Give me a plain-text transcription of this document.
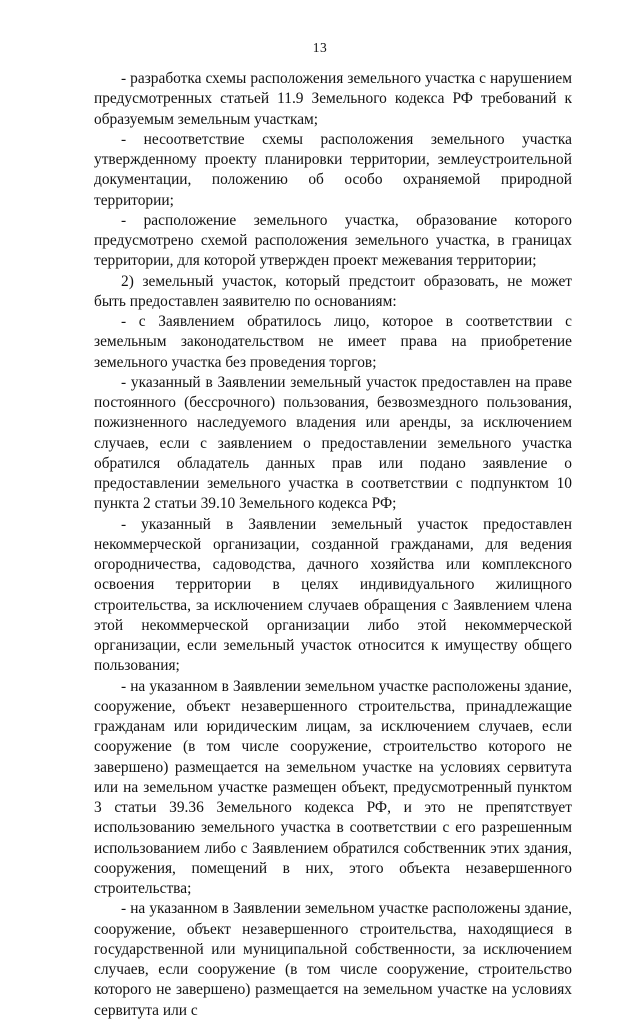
13

- разработка схемы расположения земельного участка с нарушением предусмотренных статьей 11.9 Земельного кодекса РФ требований к образуемым земельным участкам;

- несоответствие схемы расположения земельного участка утвержденному проекту планировки территории, землеустроительной документации, положению об особо охраняемой природной территории;

- расположение земельного участка, образование которого предусмотрено схемой расположения земельного участка, в границах территории, для которой утвержден проект межевания территории;

2) земельный участок, который предстоит образовать, не может быть предоставлен заявителю по основаниям:

- с Заявлением обратилось лицо, которое в соответствии с земельным законодательством не имеет права на приобретение земельного участка без проведения торгов;

- указанный в Заявлении земельный участок предоставлен на праве постоянного (бессрочного) пользования, безвозмездного пользования, пожизненного наследуемого владения или аренды, за исключением случаев, если с заявлением о предоставлении земельного участка обратился обладатель данных прав или подано заявление о предоставлении земельного участка в соответствии с подпунктом 10 пункта 2 статьи 39.10 Земельного кодекса РФ;

- указанный в Заявлении земельный участок предоставлен некоммерческой организации, созданной гражданами, для ведения огородничества, садоводства, дачного хозяйства или комплексного освоения территории в целях индивидуального жилищного строительства, за исключением случаев обращения с Заявлением члена этой некоммерческой организации либо этой некоммерческой организации, если земельный участок относится к имуществу общего пользования;

- на указанном в Заявлении земельном участке расположены здание, сооружение, объект незавершенного строительства, принадлежащие гражданам или юридическим лицам, за исключением случаев, если сооружение (в том числе сооружение, строительство которого не завершено) размещается на земельном участке на условиях сервитута или на земельном участке размещен объект, предусмотренный пунктом 3 статьи 39.36 Земельного кодекса РФ, и это не препятствует использованию земельного участка в соответствии с его разрешенным использованием либо с Заявлением обратился собственник этих здания, сооружения, помещений в них, этого объекта незавершенного строительства;

- на указанном в Заявлении земельном участке расположены здание, сооружение, объект незавершенного строительства, находящиеся в государственной или муниципальной собственности, за исключением случаев, если сооружение (в том числе сооружение, строительство которого не завершено) размещается на земельном участке на условиях сервитута или с
